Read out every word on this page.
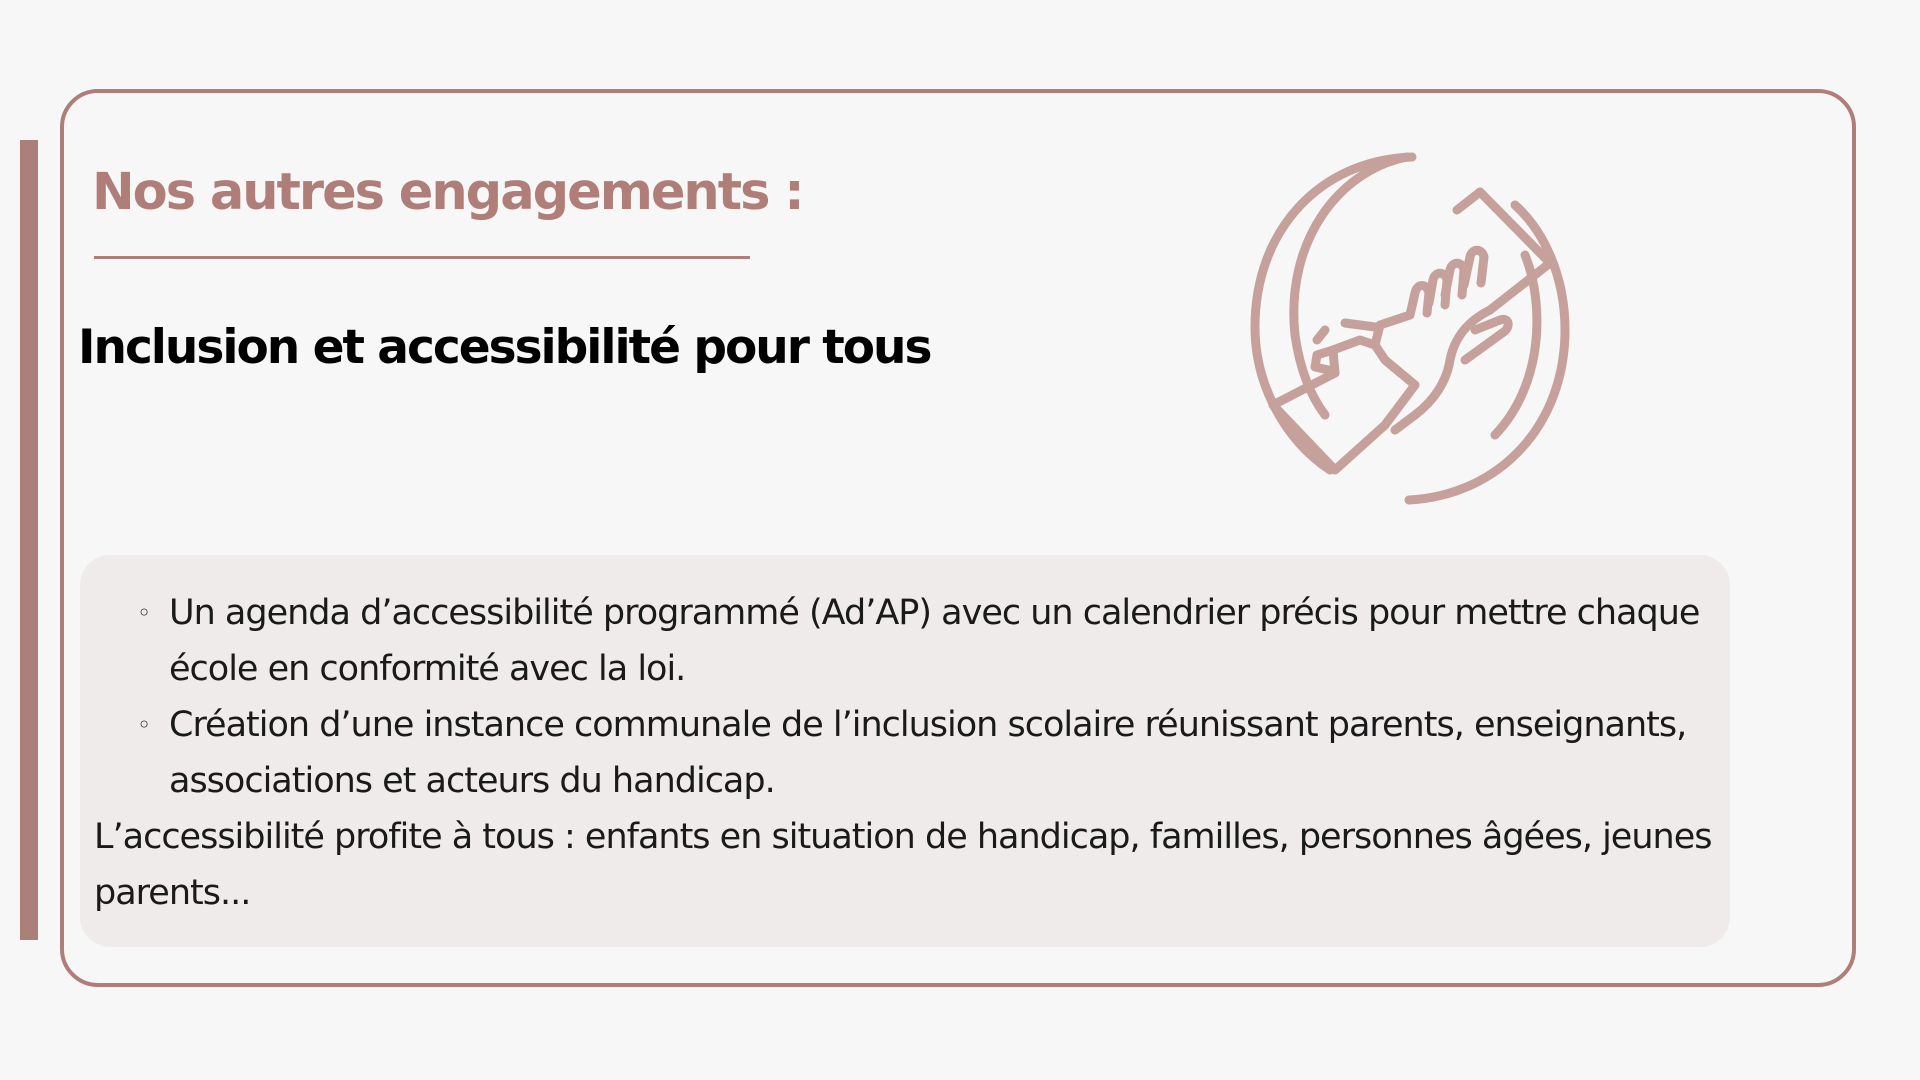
Nos autres engagements :
Inclusion et accessibilité pour tous
◦ Un agenda d’accessibilité programmé (Ad’AP) avec un calendrier précis pour mettre chaque école en conformité avec la loi.
◦ Création d’une instance communale de l’inclusion scolaire réunissant parents, enseignants, associations et acteurs du handicap.

L’accessibilité profite à tous : enfants en situation de handicap, familles, personnes âgées, jeunes parents...
